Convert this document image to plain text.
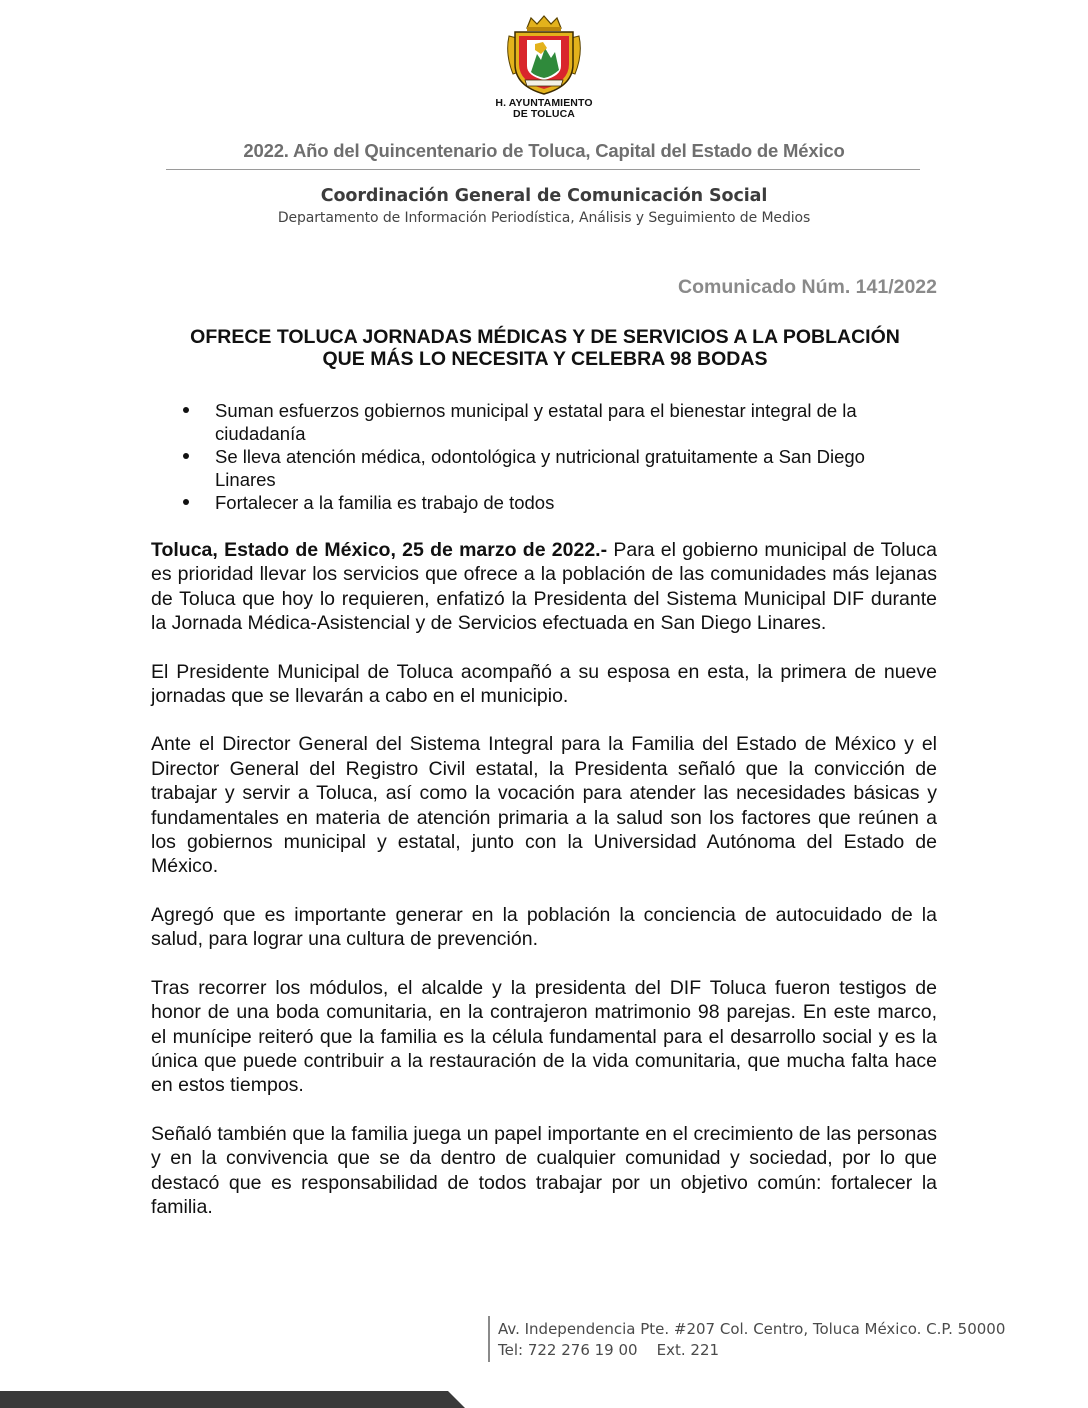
H. AYUNTAMIENTO
DE TOLUCA
2022. Año del Quincentenario de Toluca, Capital del Estado de México
Coordinación General de Comunicación Social
Departamento de Información Periodística, Análisis y Seguimiento de Medios
Comunicado Núm. 141/2022
OFRECE TOLUCA JORNADAS MÉDICAS Y DE SERVICIOS A LA POBLACIÓN
QUE MÁS LO NECESITA Y CELEBRA 98 BODAS
Suman esfuerzos gobiernos municipal y estatal para el bienestar integral de la ciudadanía
Se lleva atención médica, odontológica y nutricional gratuitamente a San Diego Linares
Fortalecer a la familia es trabajo de todos

Toluca, Estado de México, 25 de marzo de 2022.- Para el gobierno municipal de Toluca es prioridad llevar los servicios que ofrece a la población de las comunidades más lejanas de Toluca que hoy lo requieren, enfatizó la Presidenta del Sistema Municipal DIF durante la Jornada Médica-Asistencial y de Servicios efectuada en San Diego Linares.

El Presidente Municipal de Toluca acompañó a su esposa en esta, la primera de nueve jornadas que se llevarán a cabo en el municipio.

Ante el Director General del Sistema Integral para la Familia del Estado de México y el Director General del Registro Civil estatal, la Presidenta señaló que la convicción de trabajar y servir a Toluca, así como la vocación para atender las necesidades básicas y fundamentales en materia de atención primaria a la salud son los factores que reúnen a los gobiernos municipal y estatal, junto con la Universidad Autónoma del Estado de México.

Agregó que es importante generar en la población la conciencia de autocuidado de la salud, para lograr una cultura de prevención.

Tras recorrer los módulos, el alcalde y la presidenta del DIF Toluca fueron testigos de honor de una boda comunitaria, en la contrajeron matrimonio 98 parejas. En este marco, el munícipe reiteró que la familia es la célula fundamental para el desarrollo social y es la única que puede contribuir a la restauración de la vida comunitaria, que mucha falta hace en estos tiempos.

Señaló también que la familia juega un papel importante en el crecimiento de las personas y en la convivencia que se da dentro de cualquier comunidad y sociedad, por lo que destacó que es responsabilidad de todos trabajar por un objetivo común: fortalecer la familia.

Av. Independencia Pte. #207 Col. Centro, Toluca México. C.P. 50000
Tel: 722 276 19 00    Ext. 221
